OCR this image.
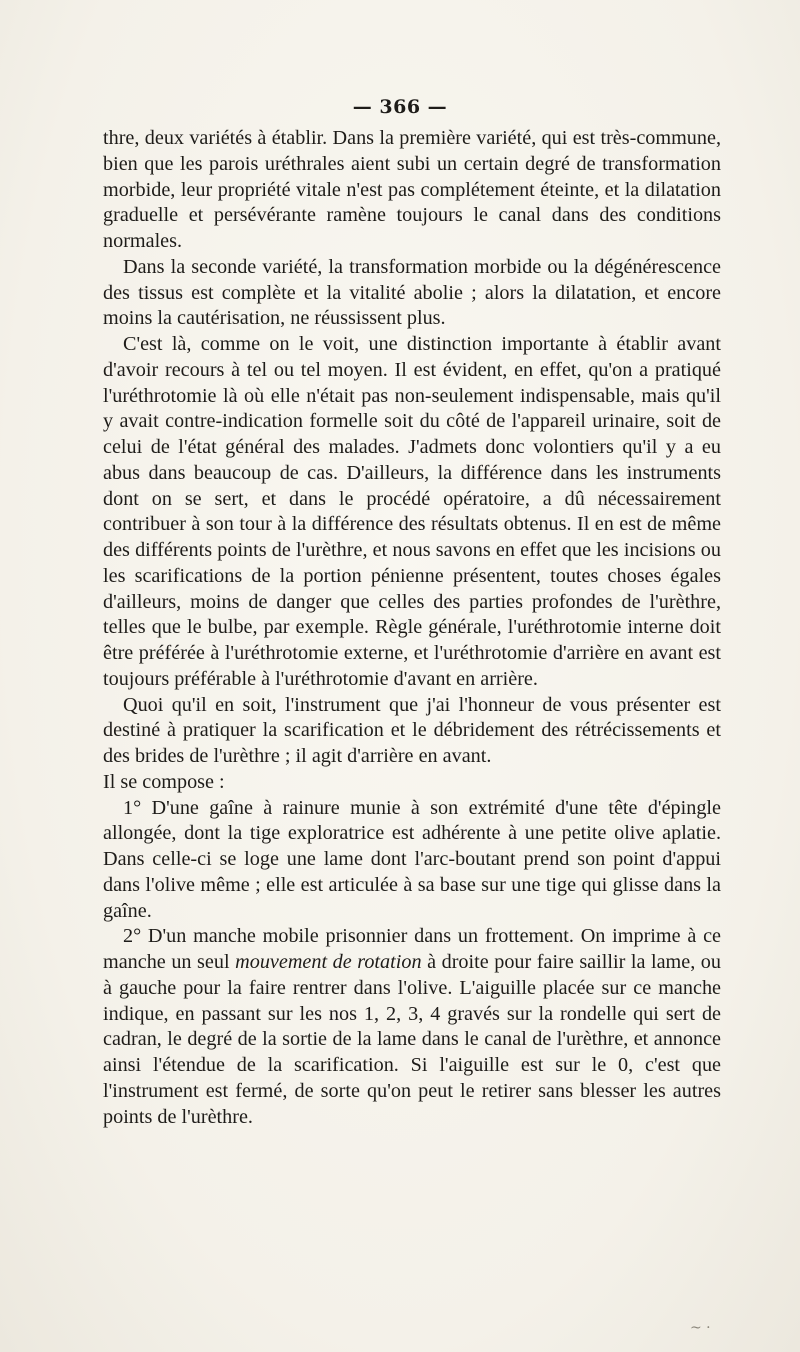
— 366 —

thre, deux variétés à établir. Dans la première variété, qui est très-commune, bien que les parois uréthrales aient subi un certain degré de transformation morbide, leur propriété vitale n'est pas complétement éteinte, et la dilatation graduelle et persévérante ramène toujours le canal dans des conditions normales.

Dans la seconde variété, la transformation morbide ou la dégénérescence des tissus est complète et la vitalité abolie ; alors la dilatation, et encore moins la cautérisation, ne réussissent plus.

C'est là, comme on le voit, une distinction importante à établir avant d'avoir recours à tel ou tel moyen. Il est évident, en effet, qu'on a pratiqué l'uréthrotomie là où elle n'était pas non-seulement indispensable, mais qu'il y avait contre-indication formelle soit du côté de l'appareil urinaire, soit de celui de l'état général des malades. J'admets donc volontiers qu'il y a eu abus dans beaucoup de cas. D'ailleurs, la différence dans les instruments dont on se sert, et dans le procédé opératoire, a dû nécessairement contribuer à son tour à la différence des résultats obtenus. Il en est de même des différents points de l'urèthre, et nous savons en effet que les incisions ou les scarifications de la portion pénienne présentent, toutes choses égales d'ailleurs, moins de danger que celles des parties profondes de l'urèthre, telles que le bulbe, par exemple. Règle générale, l'uréthrotomie interne doit être préférée à l'uréthrotomie externe, et l'uréthrotomie d'arrière en avant est toujours préférable à l'uréthrotomie d'avant en arrière.

Quoi qu'il en soit, l'instrument que j'ai l'honneur de vous présenter est destiné à pratiquer la scarification et le débridement des rétrécissements et des brides de l'urèthre ; il agit d'arrière en avant.

Il se compose :

1° D'une gaîne à rainure munie à son extrémité d'une tête d'épingle allongée, dont la tige exploratrice est adhérente à une petite olive aplatie. Dans celle-ci se loge une lame dont l'arc-boutant prend son point d'appui dans l'olive même ; elle est articulée à sa base sur une tige qui glisse dans la gaîne.

2° D'un manche mobile prisonnier dans un frottement. On imprime à ce manche un seul mouvement de rotation à droite pour faire saillir la lame, ou à gauche pour la faire rentrer dans l'olive. L'aiguille placée sur ce manche indique, en passant sur les nos 1, 2, 3, 4 gravés sur la rondelle qui sert de cadran, le degré de la sortie de la lame dans le canal de l'urèthre, et annonce ainsi l'étendue de la scarification. Si l'aiguille est sur le 0, c'est que l'instrument est fermé, de sorte qu'on peut le retirer sans blesser les autres points de l'urèthre.

~ ·
